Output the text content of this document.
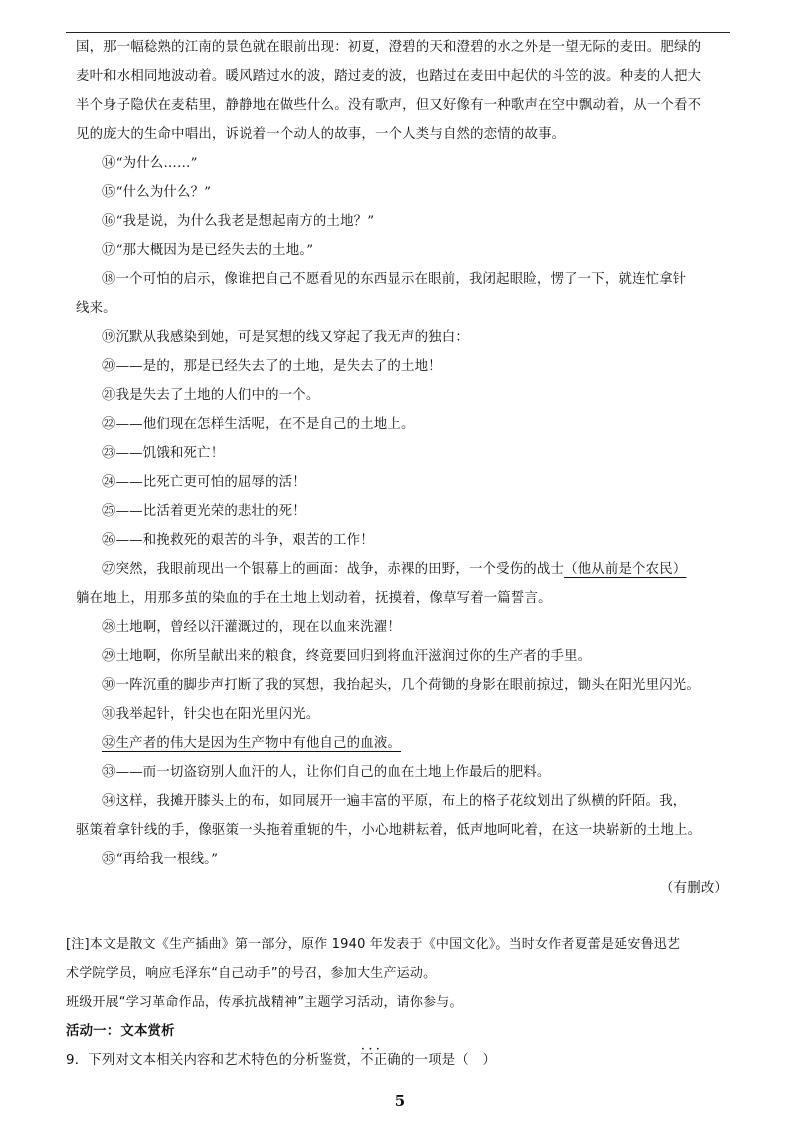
国，那一幅稔熟的江南的景色就在眼前出现：初夏，澄碧的天和澄碧的水之外是一望无际的麦田。肥绿的
麦叶和水相同地波动着。暖风踏过水的波，踏过麦的波，也踏过在麦田中起伏的斗笠的波。种麦的人把大
半个身子隐伏在麦秸里，静静地在做些什么。没有歌声，但又好像有一种歌声在空中飘动着，从一个看不
见的庞大的生命中唱出，诉说着一个动人的故事，一个人类与自然的恋情的故事。
⑭“为什么……”
⑮“什么为什么？”
⑯“我是说，为什么我老是想起南方的土地？”
⑰“那大概因为是已经失去的土地。”
⑱一个可怕的启示，像谁把自己不愿看见的东西显示在眼前，我闭起眼睑，愣了一下，就连忙拿针
线来。
⑲沉默从我感染到她，可是冥想的线又穿起了我无声的独白：
⑳——是的，那是已经失去了的土地，是失去了的土地！
㉑我是失去了土地的人们中的一个。
㉒——他们现在怎样生活呢，在不是自己的土地上。
㉓——饥饿和死亡！
㉔——比死亡更可怕的屈辱的活！
㉕——比活着更光荣的悲壮的死！
㉖——和挽救死的艰苦的斗争，艰苦的工作！
㉗突然，我眼前现出一个银幕上的画面：战争，赤裸的田野，一个受伤的战士（他从前是个农民）
躺在地上，用那多茧的染血的手在土地上划动着，抚摸着，像草写着一篇誓言。
㉘土地啊，曾经以汗灌溉过的，现在以血来洗濯！
㉙土地啊，你所呈献出来的粮食，终竟要回归到将血汗滋润过你的生产者的手里。
㉚一阵沉重的脚步声打断了我的冥想，我抬起头，几个荷锄的身影在眼前掠过，锄头在阳光里闪光。
㉛我举起针，针尖也在阳光里闪光。
㉜生产者的伟大是因为生产物中有他自己的血液。
㉝——而一切盗窃别人血汗的人，让你们自己的血在土地上作最后的肥料。
㉞这样，我摊开膝头上的布，如同展开一遍丰富的平原，布上的格子花纹划出了纵横的阡陌。我，
驱策着拿针线的手，像驱策一头拖着重轭的牛，小心地耕耘着，低声地呵叱着，在这一块崭新的土地上。
㉟“再给我一根线。”
（有删改）
[注]本文是散文《生产插曲》第一部分，原作 1940 年发表于《中国文化》。当时女作者夏蕾是延安鲁迅艺
术学院学员，响应毛泽东“自己动手”的号召，参加大生产运动。
班级开展“学习革命作品，传承抗战精神”主题学习活动，请你参与。
活动一：文本赏析
9．下列对文本相关内容和艺术特色的分析鉴赏，• • • 不正确的一项是（　）
5
